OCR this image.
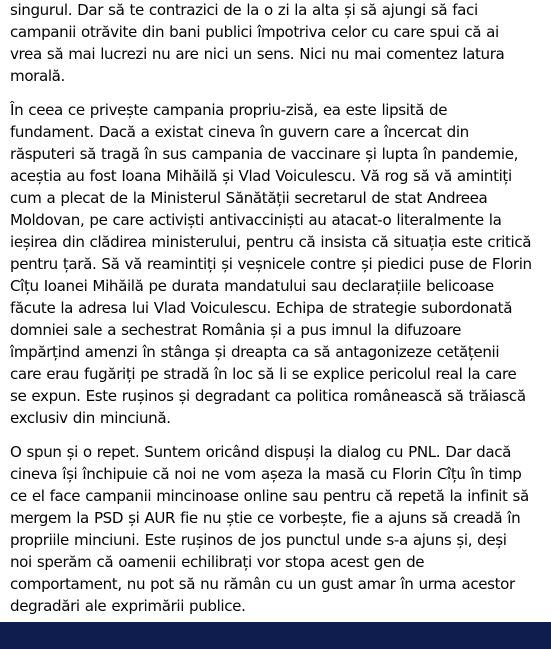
singurul. Dar să te contrazici de la o zi la alta și să ajungi să faci
campanii otrăvite din bani publici împotriva celor cu care spui că ai
vrea să mai lucrezi nu are nici un sens. Nici nu mai comentez latura
morală.

În ceea ce privește campania propriu-zisă, ea este lipsită de
fundament. Dacă a existat cineva în guvern care a încercat din
răsputeri să tragă în sus campania de vaccinare și lupta în pandemie,
aceștia au fost Ioana Mihăilă și Vlad Voiculescu. Vă rog să vă amintiți
cum a plecat de la Ministerul Sănătății secretarul de stat Andreea
Moldovan, pe care activiști antivacciniști au atacat-o literalmente la
ieșirea din clădirea ministerului, pentru că insista că situația este critică
pentru țară. Să vă reamintiți și veșnicele contre și piedici puse de Florin
Cîțu Ioanei Mihăilă pe durata mandatului sau declarațiile belicoase
făcute la adresa lui Vlad Voiculescu. Echipa de strategie subordonată
domniei sale a sechestrat România și a pus imnul la difuzoare
împărțind amenzi în stânga și dreapta ca să antagonizeze cetățenii
care erau fugăriți pe stradă în loc să li se explice pericolul real la care
se expun. Este rușinos și degradant ca politica românească să trăiască
exclusiv din minciună.

O spun și o repet. Suntem oricând dispuși la dialog cu PNL. Dar dacă
cineva își închipuie că noi ne vom așeza la masă cu Florin Cîțu în timp
ce el face campanii mincinoase online sau pentru că repetă la infinit să
mergem la PSD și AUR fie nu știe ce vorbește, fie a ajuns să creadă în
propriile minciuni. Este rușinos de jos punctul unde s-a ajuns și, deși
noi sperăm că oamenii echilibrați vor stopa acest gen de
comportament, nu pot să nu rămân cu un gust amar în urma acestor
degradări ale exprimării publice.
